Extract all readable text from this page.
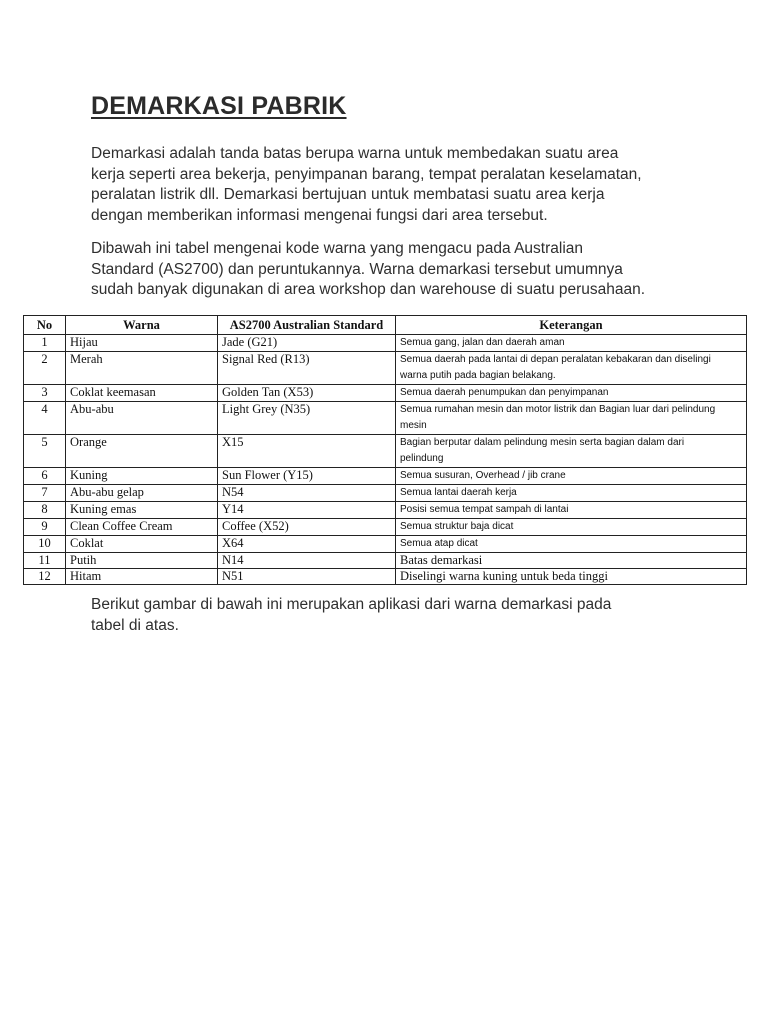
DEMARKASI PABRIK
Demarkasi adalah tanda batas berupa warna untuk membedakan suatu area
kerja seperti area bekerja, penyimpanan barang, tempat peralatan keselamatan,
peralatan listrik dll. Demarkasi bertujuan untuk membatasi suatu area kerja
dengan memberikan informasi mengenai fungsi dari area tersebut.
Dibawah ini tabel mengenai kode warna yang mengacu pada Australian
Standard (AS2700) dan peruntukannya. Warna demarkasi tersebut umumnya
sudah banyak digunakan di area workshop dan warehouse di suatu perusahaan.
No	Warna	AS2700 Australian Standard	Keterangan
1	Hijau	Jade (G21)	Semua gang, jalan dan daerah aman

2	Merah	Signal Red (R13)	Semua daerah pada lantai di depan peralatan kebakaran dan diselingi
warna putih pada bagian belakang.

3	Coklat keemasan	Golden Tan (X53)	Semua daerah penumpukan dan penyimpanan

4	Abu-abu	Light Grey (N35)	Semua rumahan mesin dan motor listrik dan Bagian luar dari pelindung
mesin

5	Orange	X15	Bagian berputar dalam pelindung mesin serta bagian dalam dari
pelindung

6	Kuning	Sun Flower (Y15)	Semua susuran, Overhead / jib crane

7	Abu-abu gelap	N54	Semua lantai daerah kerja

8	Kuning emas	Y14	Posisi semua tempat sampah di lantai

9	Clean Coffee Cream	Coffee (X52)	Semua struktur baja dicat

10	Coklat	X64	Semua atap dicat

11	Putih	N14	Batas demarkasi

12	Hitam	N51	Diselingi warna kuning untuk beda tinggi
Berikut gambar di bawah ini merupakan aplikasi dari warna demarkasi pada
tabel di atas.
